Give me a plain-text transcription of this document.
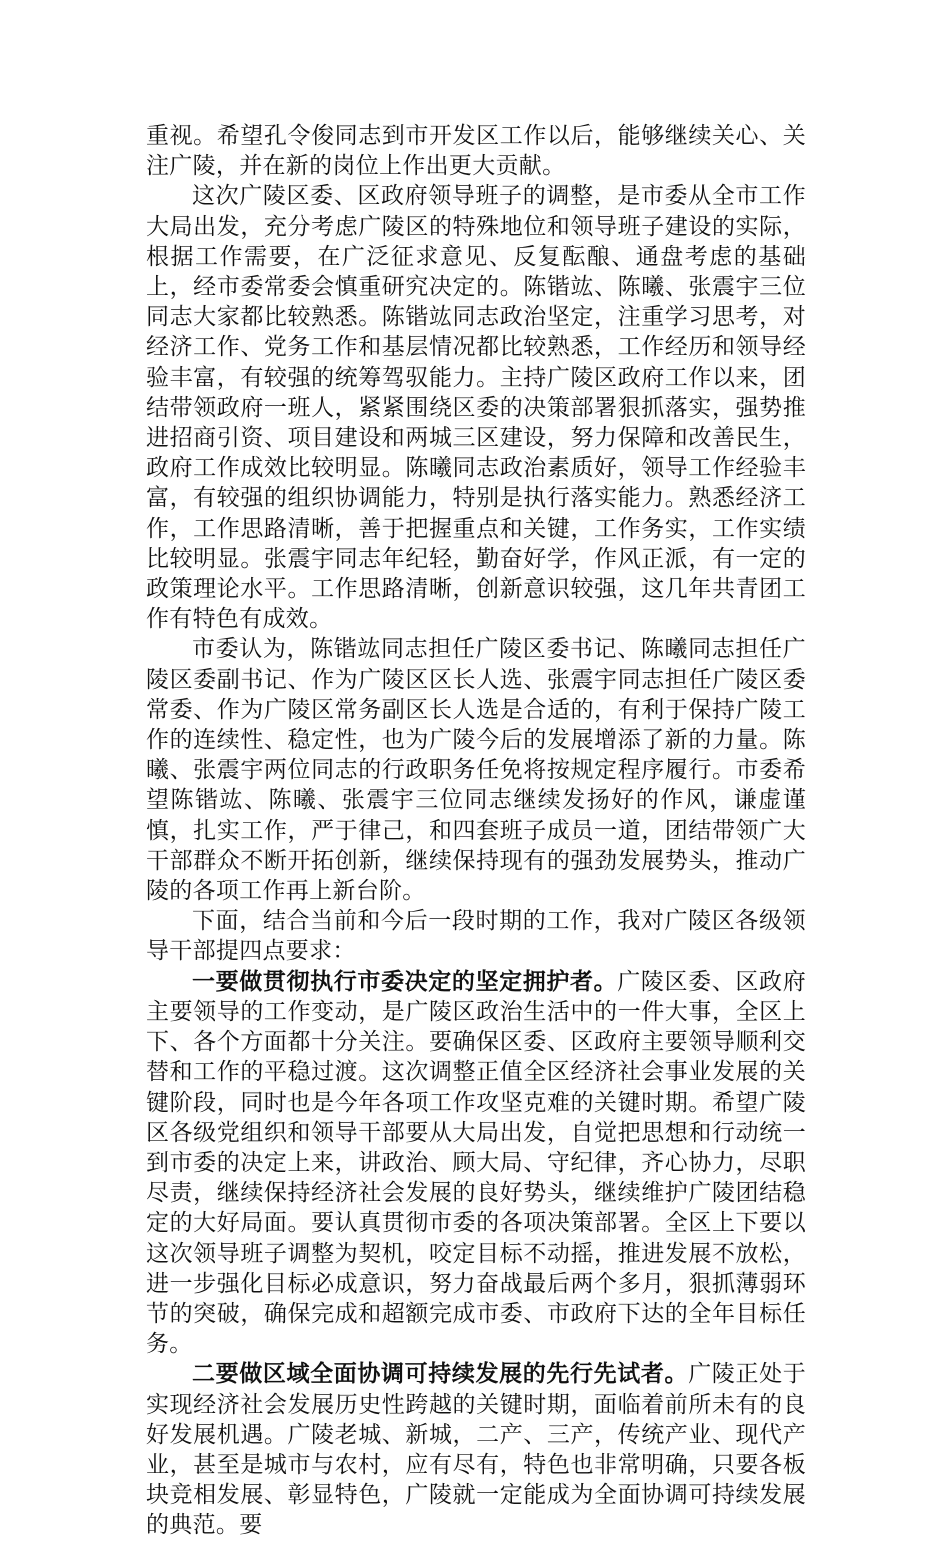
重视。希望孔令俊同志到市开发区工作以后，能够继续关心、关注广陵，并在新的岗位上作出更大贡献。

这次广陵区委、区政府领导班子的调整，是市委从全市工作大局出发，充分考虑广陵区的特殊地位和领导班子建设的实际，根据工作需要，在广泛征求意见、反复酝酿、通盘考虑的基础上，经市委常委会慎重研究决定的。陈锴竑、陈曦、张震宇三位同志大家都比较熟悉。陈锴竑同志政治坚定，注重学习思考，对经济工作、党务工作和基层情况都比较熟悉，工作经历和领导经验丰富，有较强的统筹驾驭能力。主持广陵区政府工作以来，团结带领政府一班人，紧紧围绕区委的决策部署狠抓落实，强势推进招商引资、项目建设和两城三区建设，努力保障和改善民生，政府工作成效比较明显。陈曦同志政治素质好，领导工作经验丰富，有较强的组织协调能力，特别是执行落实能力。熟悉经济工作，工作思路清晰，善于把握重点和关键，工作务实，工作实绩比较明显。张震宇同志年纪轻，勤奋好学，作风正派，有一定的政策理论水平。工作思路清晰，创新意识较强，这几年共青团工作有特色有成效。

市委认为，陈锴竑同志担任广陵区委书记、陈曦同志担任广陵区委副书记、作为广陵区区长人选、张震宇同志担任广陵区委常委、作为广陵区常务副区长人选是合适的，有利于保持广陵工作的连续性、稳定性，也为广陵今后的发展增添了新的力量。陈曦、张震宇两位同志的行政职务任免将按规定程序履行。市委希望陈锴竑、陈曦、张震宇三位同志继续发扬好的作风，谦虚谨慎，扎实工作，严于律己，和四套班子成员一道，团结带领广大干部群众不断开拓创新，继续保持现有的强劲发展势头，推动广陵的各项工作再上新台阶。

下面，结合当前和今后一段时期的工作，我对广陵区各级领导干部提四点要求：

一要做贯彻执行市委决定的坚定拥护者。广陵区委、区政府主要领导的工作变动，是广陵区政治生活中的一件大事，全区上下、各个方面都十分关注。要确保区委、区政府主要领导顺利交替和工作的平稳过渡。这次调整正值全区经济社会事业发展的关键阶段，同时也是今年各项工作攻坚克难的关键时期。希望广陵区各级党组织和领导干部要从大局出发，自觉把思想和行动统一到市委的决定上来，讲政治、顾大局、守纪律，齐心协力，尽职尽责，继续保持经济社会发展的良好势头，继续维护广陵团结稳定的大好局面。要认真贯彻市委的各项决策部署。全区上下要以这次领导班子调整为契机，咬定目标不动摇，推进发展不放松，进一步强化目标必成意识，努力奋战最后两个多月，狠抓薄弱环节的突破，确保完成和超额完成市委、市政府下达的全年目标任务。

二要做区域全面协调可持续发展的先行先试者。广陵正处于实现经济社会发展历史性跨越的关键时期，面临着前所未有的良好发展机遇。广陵老城、新城，二产、三产，传统产业、现代产业，甚至是城市与农村，应有尽有，特色也非常明确，只要各板块竞相发展、彰显特色，广陵就一定能成为全面协调可持续发展的典范。要
